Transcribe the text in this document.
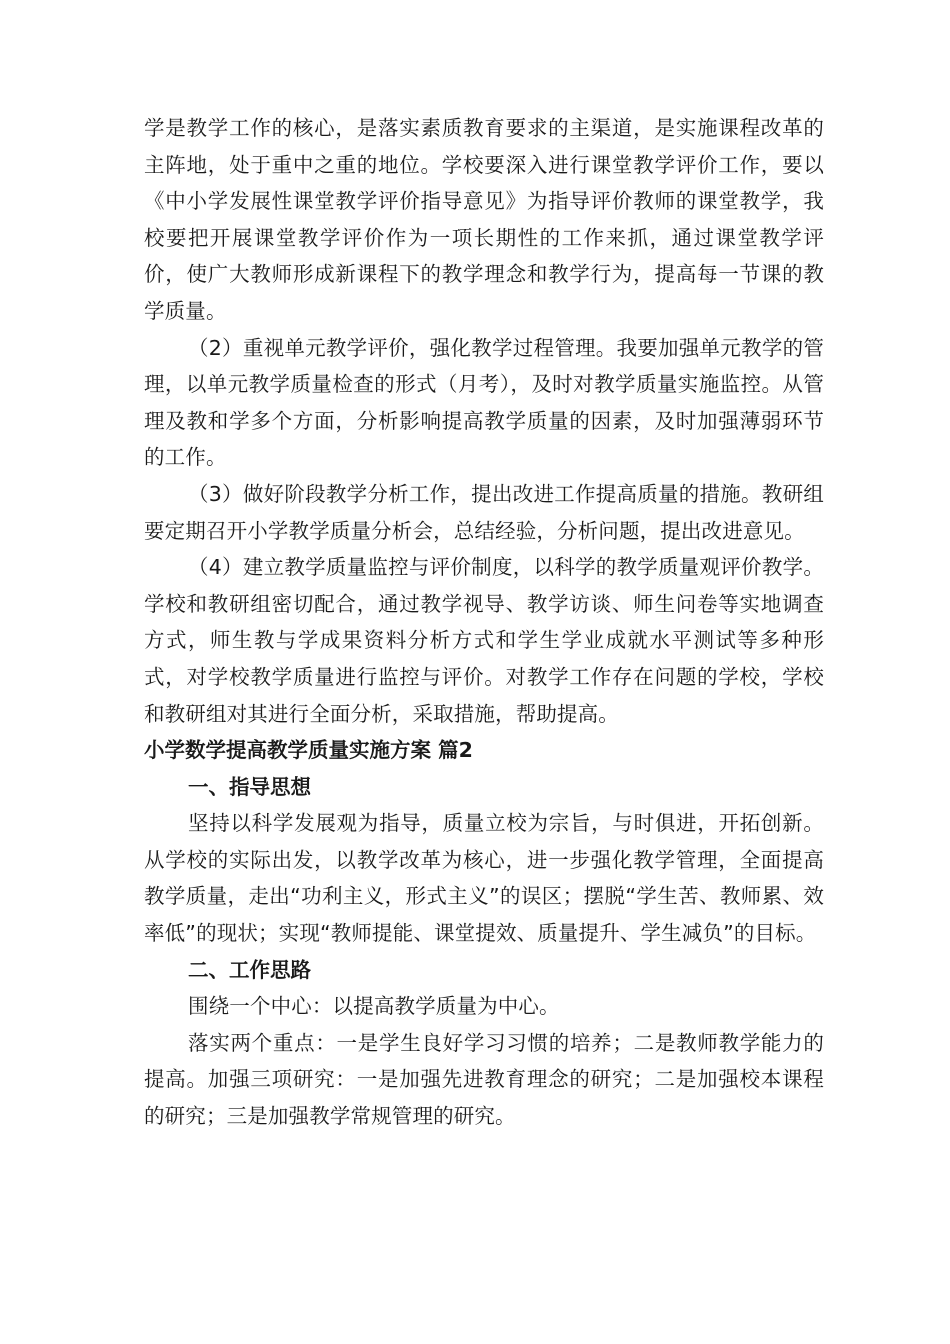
学是教学工作的核心，是落实素质教育要求的主渠道，是实施课程改革的主阵地，处于重中之重的地位。学校要深入进行课堂教学评价工作，要以《中小学发展性课堂教学评价指导意见》为指导评价教师的课堂教学，我校要把开展课堂教学评价作为一项长期性的工作来抓，通过课堂教学评价，使广大教师形成新课程下的教学理念和教学行为，提高每一节课的教学质量。

（2）重视单元教学评价，强化教学过程管理。我要加强单元教学的管理，以单元教学质量检查的形式（月考），及时对教学质量实施监控。从管理及教和学多个方面，分析影响提高教学质量的因素，及时加强薄弱环节的工作。

（3）做好阶段教学分析工作，提出改进工作提高质量的措施。教研组要定期召开小学教学质量分析会，总结经验，分析问题，提出改进意见。

（4）建立教学质量监控与评价制度，以科学的教学质量观评价教学。学校和教研组密切配合，通过教学视导、教学访谈、师生问卷等实地调查方式，师生教与学成果资料分析方式和学生学业成就水平测试等多种形式，对学校教学质量进行监控与评价。对教学工作存在问题的学校，学校和教研组对其进行全面分析，采取措施，帮助提高。

小学数学提高教学质量实施方案 篇2

一、指导思想

坚持以科学发展观为指导，质量立校为宗旨，与时俱进，开拓创新。从学校的实际出发，以教学改革为核心，进一步强化教学管理，全面提高教学质量，走出“功利主义，形式主义”的误区；摆脱“学生苦、教师累、效率低”的现状；实现“教师提能、课堂提效、质量提升、学生减负”的目标。

二、工作思路

围绕一个中心：以提高教学质量为中心。

落实两个重点：一是学生良好学习习惯的培养；二是教师教学能力的提高。加强三项研究：一是加强先进教育理念的研究；二是加强校本课程的研究；三是加强教学常规管理的研究。
